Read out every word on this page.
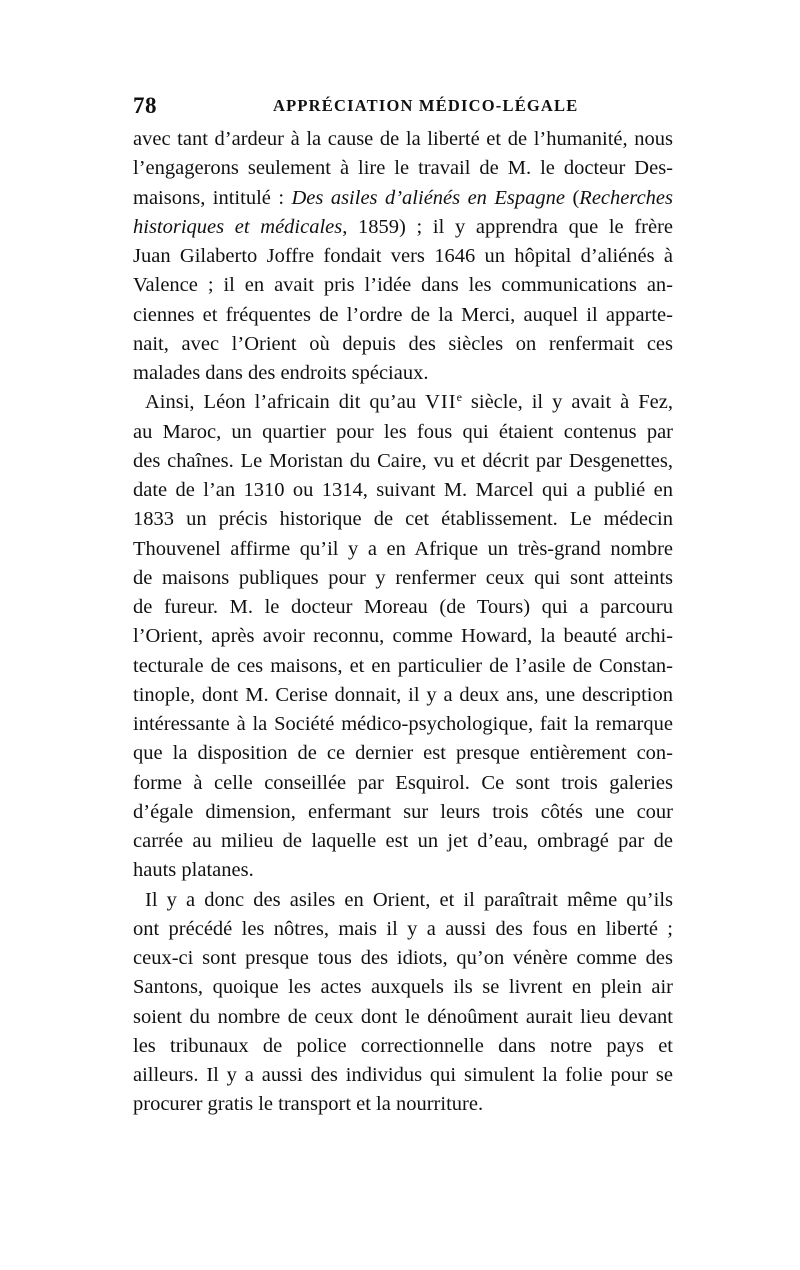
78	APPRÉCIATION MÉDICO-LÉGALE
avec tant d’ardeur à la cause de la liberté et de l’humanité, nous
l’engagerons seulement à lire le travail de M. le docteur Des-
maisons, intitulé : Des asiles d’aliénés en Espagne (Recherches
historiques et médicales, 1859) ; il y apprendra que le frère
Juan Gilaberto Joffre fondait vers 1646 un hôpital d’aliénés à
Valence ; il en avait pris l’idée dans les communications an-
ciennes et fréquentes de l’ordre de la Merci, auquel il apparte-
nait, avec l’Orient où depuis des siècles on renfermait ces
malades dans des endroits spéciaux.
Ainsi, Léon l’africain dit qu’au VIIe siècle, il y avait à Fez,
au Maroc, un quartier pour les fous qui étaient contenus par
des chaînes. Le Moristan du Caire, vu et décrit par Desgenettes,
date de l’an 1310 ou 1314, suivant M. Marcel qui a publié en
1833 un précis historique de cet établissement. Le médecin
Thouvenel affirme qu’il y a en Afrique un très-grand nombre
de maisons publiques pour y renfermer ceux qui sont atteints
de fureur. M. le docteur Moreau (de Tours) qui a parcouru
l’Orient, après avoir reconnu, comme Howard, la beauté archi-
tecturale de ces maisons, et en particulier de l’asile de Constan-
tinople, dont M. Cerise donnait, il y a deux ans, une description
intéressante à la Société médico-psychologique, fait la remarque
que la disposition de ce dernier est presque entièrement con-
forme à celle conseillée par Esquirol. Ce sont trois galeries
d’égale dimension, enfermant sur leurs trois côtés une cour
carrée au milieu de laquelle est un jet d’eau, ombragé par de
hauts platanes.
Il y a donc des asiles en Orient, et il paraîtrait même qu’ils
ont précédé les nôtres, mais il y a aussi des fous en liberté ;
ceux-ci sont presque tous des idiots, qu’on vénère comme des
Santons, quoique les actes auxquels ils se livrent en plein air
soient du nombre de ceux dont le dénoûment aurait lieu devant
les tribunaux de police correctionnelle dans notre pays et
ailleurs. Il y a aussi des individus qui simulent la folie pour se
procurer gratis le transport et la nourriture.
